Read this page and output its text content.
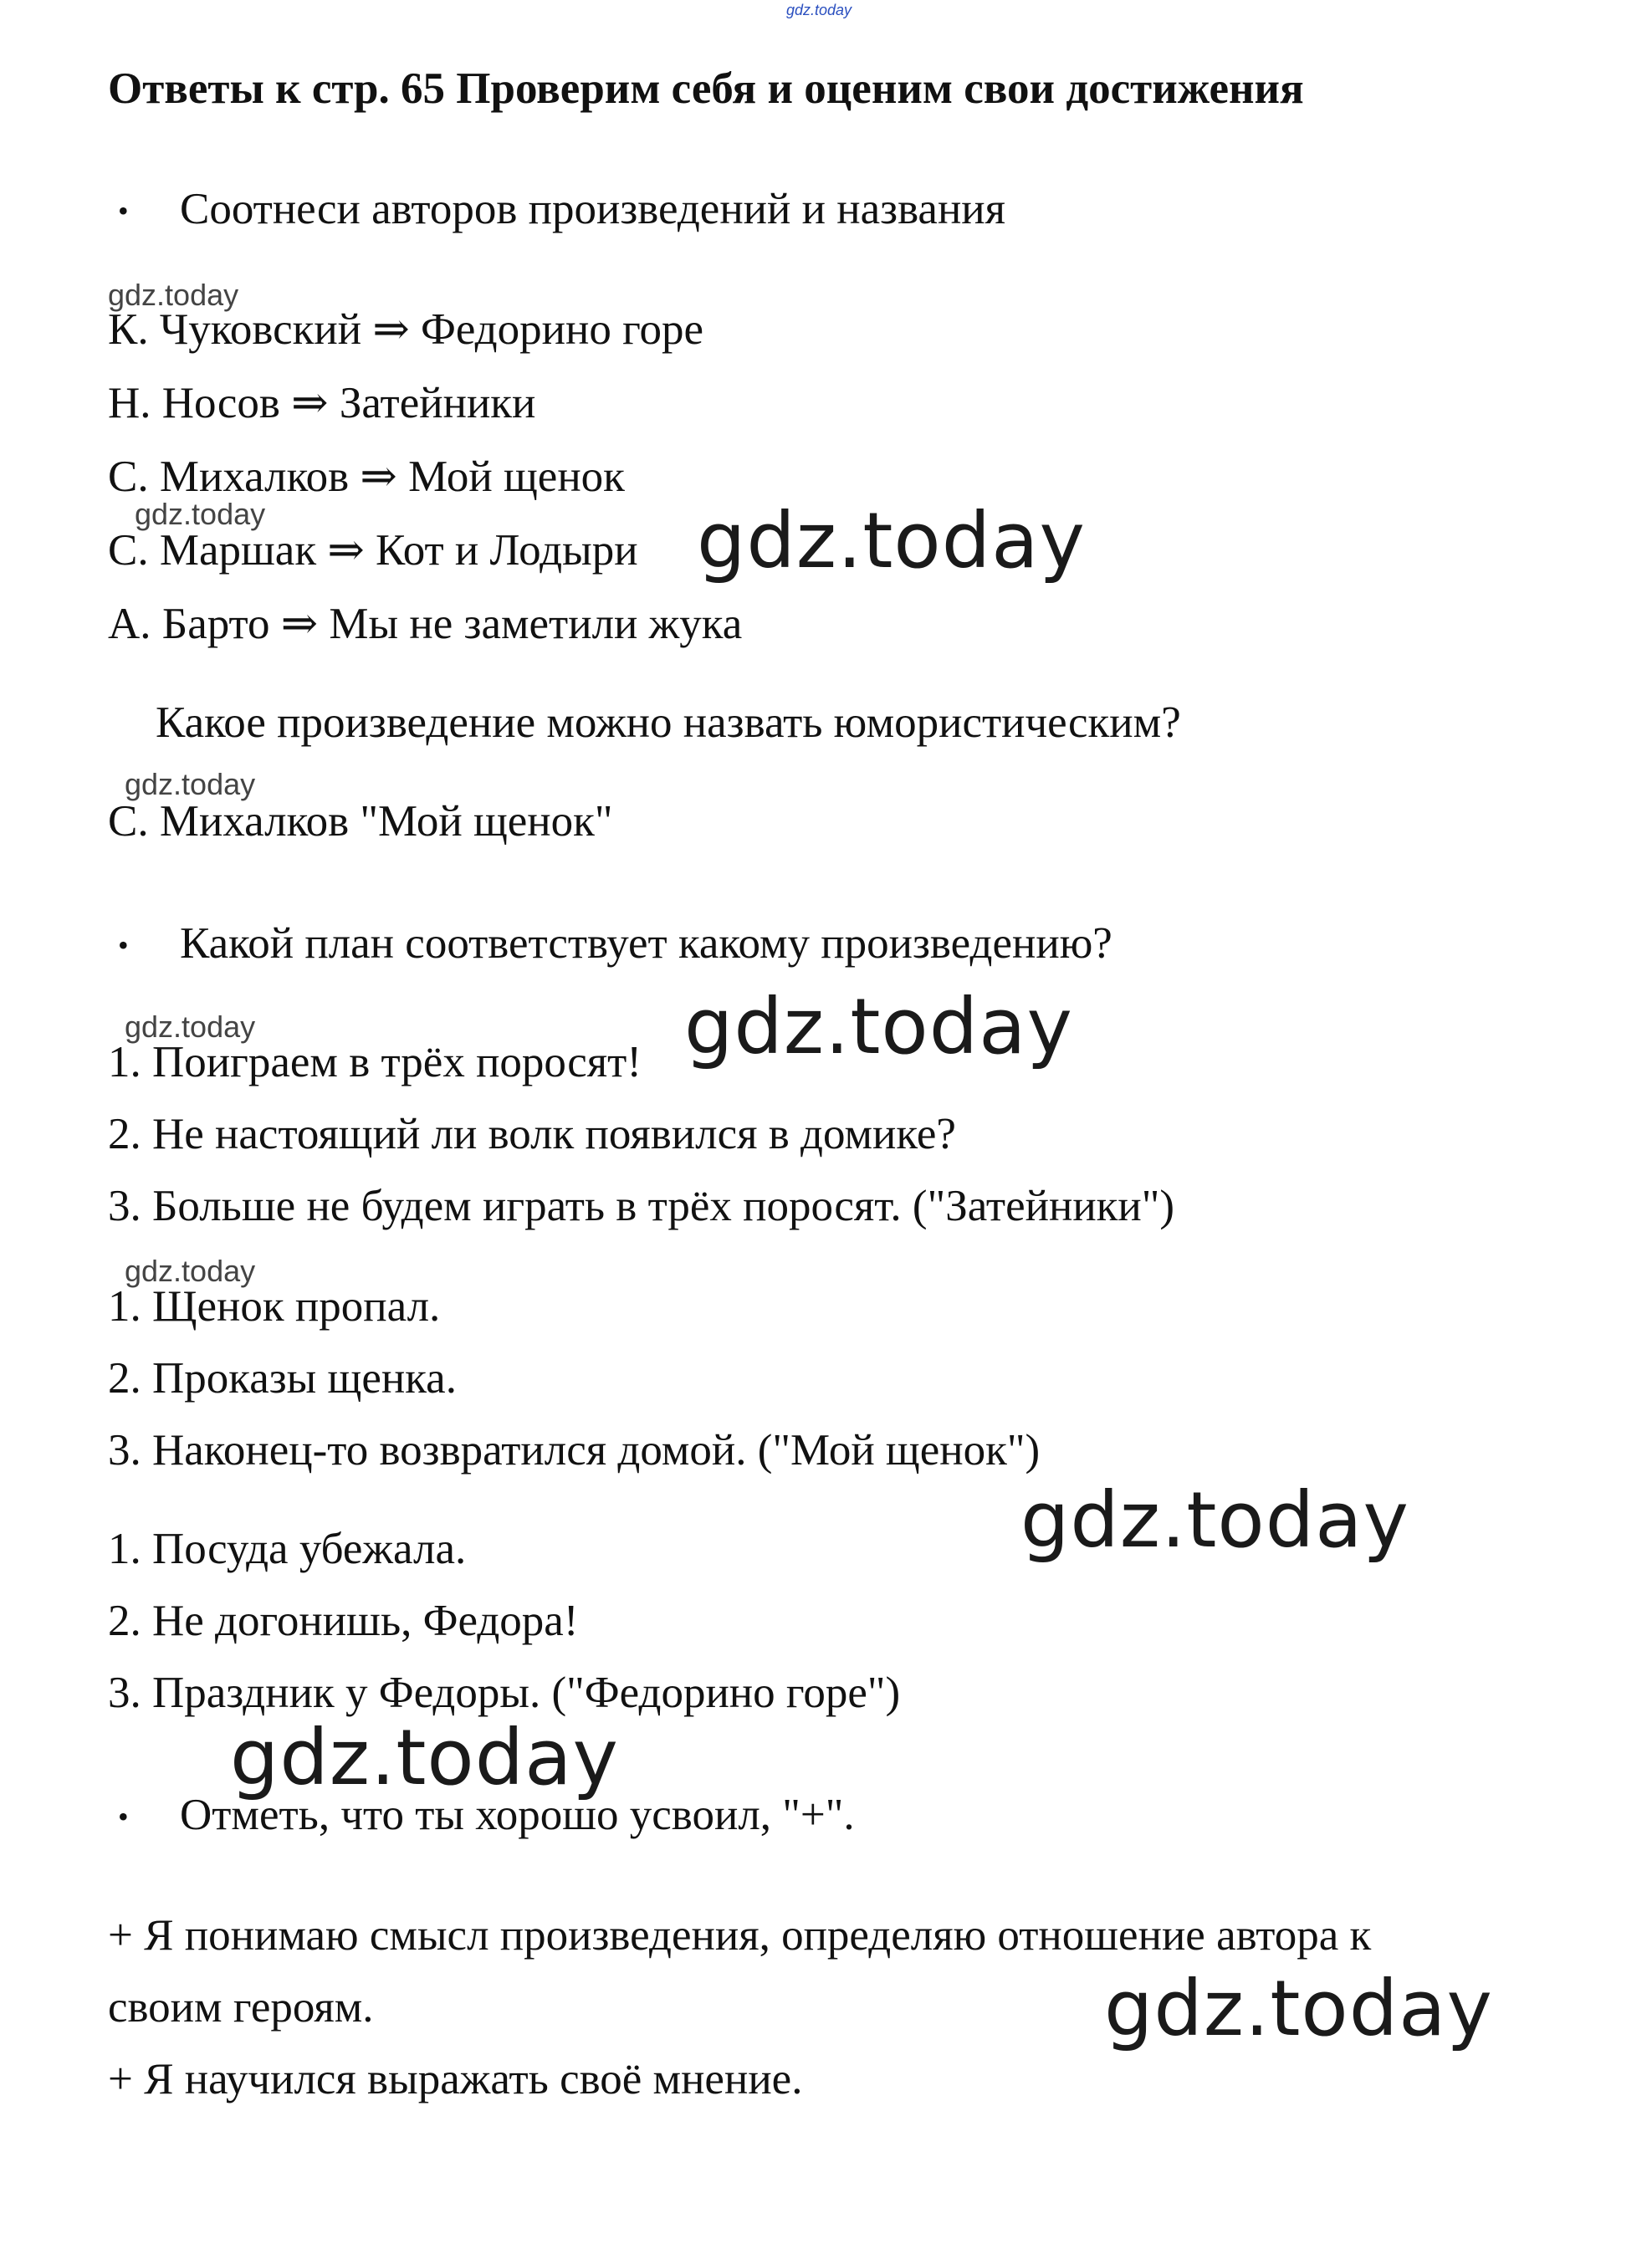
gdz.today
Ответы к стр. 65 Проверим себя и оценим свои достижения
• Соотнеси авторов произведений и названия
gdz.today
К. Чуковский ⇒ Федорино горе
Н. Носов ⇒ Затейники
С. Михалков ⇒ Мой щенок
gdz.today
С. Маршак ⇒ Кот и Лодыри gdz.today
А. Барто ⇒ Мы не заметили жука
Какое произведение можно назвать юмористическим?
gdz.today
С. Михалков "Мой щенок"
• Какой план соответствует какому произведению?
gdz.today	gdz.today
1. Поиграем в трёх поросят!
2. Не настоящий ли волк появился в домике?
3. Больше не будем играть в трёх поросят. ("Затейники")
gdz.today
1. Щенок пропал.
2. Проказы щенка.
3. Наконец-то возвратился домой. ("Мой щенок")
gdz.today
1. Посуда убежала.
2. Не догонишь, Федора!
3. Праздник у Федоры. ("Федорино горе")
gdz.today
• Отметь, что ты хорошо усвоил, "+".
+ Я понимаю смысл произведения, определяю отношение автора к
своим героям.	gdz.today
+ Я научился выражать своё мнение.
